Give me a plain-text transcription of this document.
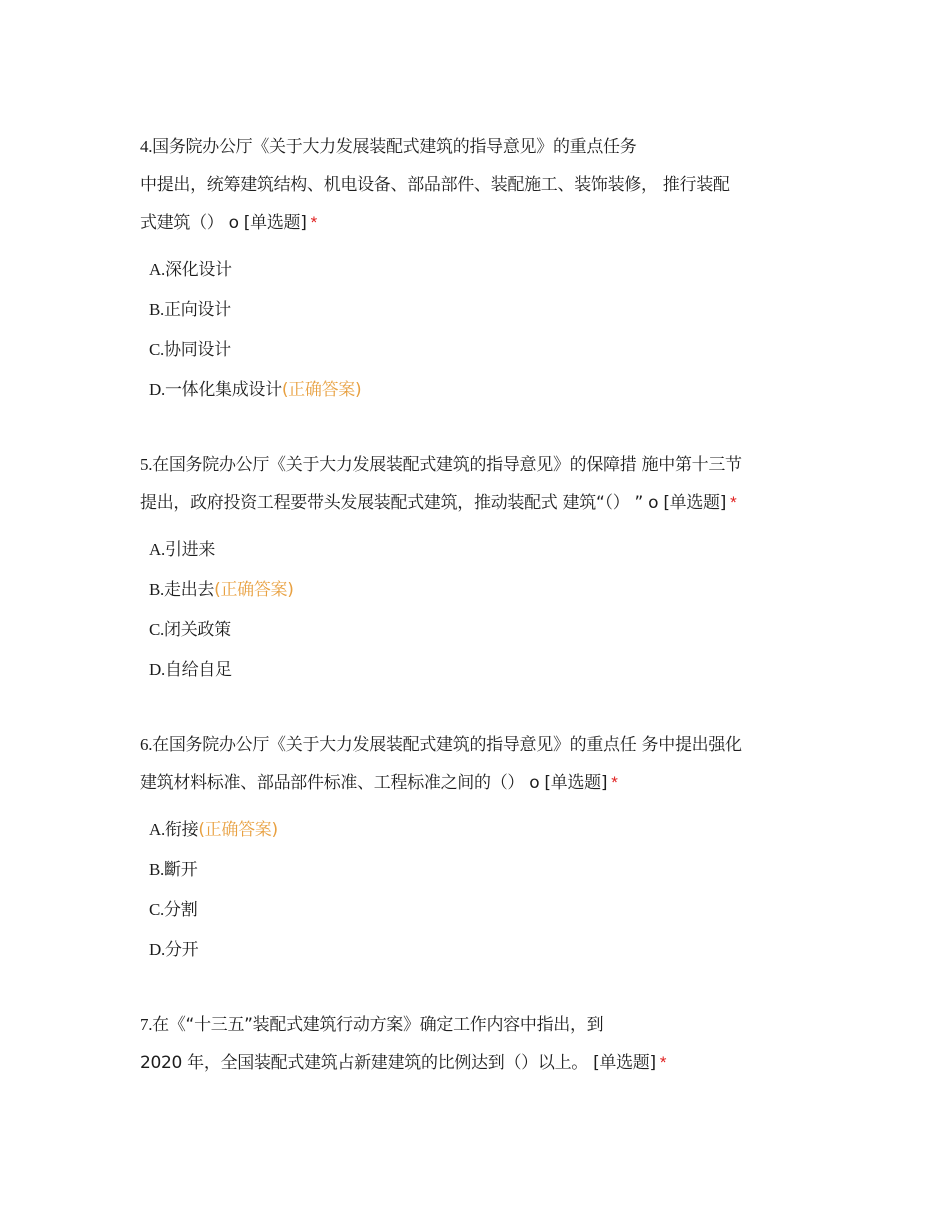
4.国务院办公厅《关于大力发展装配式建筑的指导意见》的重点任务
中提出，统筹建筑结构、机电设备、部品部件、装配施工、装饰装修， 推行装配
式建筑（） o [单选题] *
A.深化设计
B.正向设计
C.协同设计
D.一体化集成设计(正确答案)
5.在国务院办公厅《关于大力发展装配式建筑的指导意见》的保障措 施中第十三节
提出，政府投资工程要带头发展装配式建筑，推动装配式 建筑“（） ” o [单选题] *
A.引进来
B.走出去(正确答案)
C.闭关政策
D.自给自足
6.在国务院办公厅《关于大力发展装配式建筑的指导意见》的重点任 务中提出强化
建筑材料标准、部品部件标准、工程标准之间的（） o [单选题] *
A.衔接(正确答案)
B.斷开
C.分割
D.分开
7.在《“十三五”装配式建筑行动方案》确定工作内容中指出，到
2020 年，全国装配式建筑占新建建筑的比例达到（）以上。 [单选题] *
